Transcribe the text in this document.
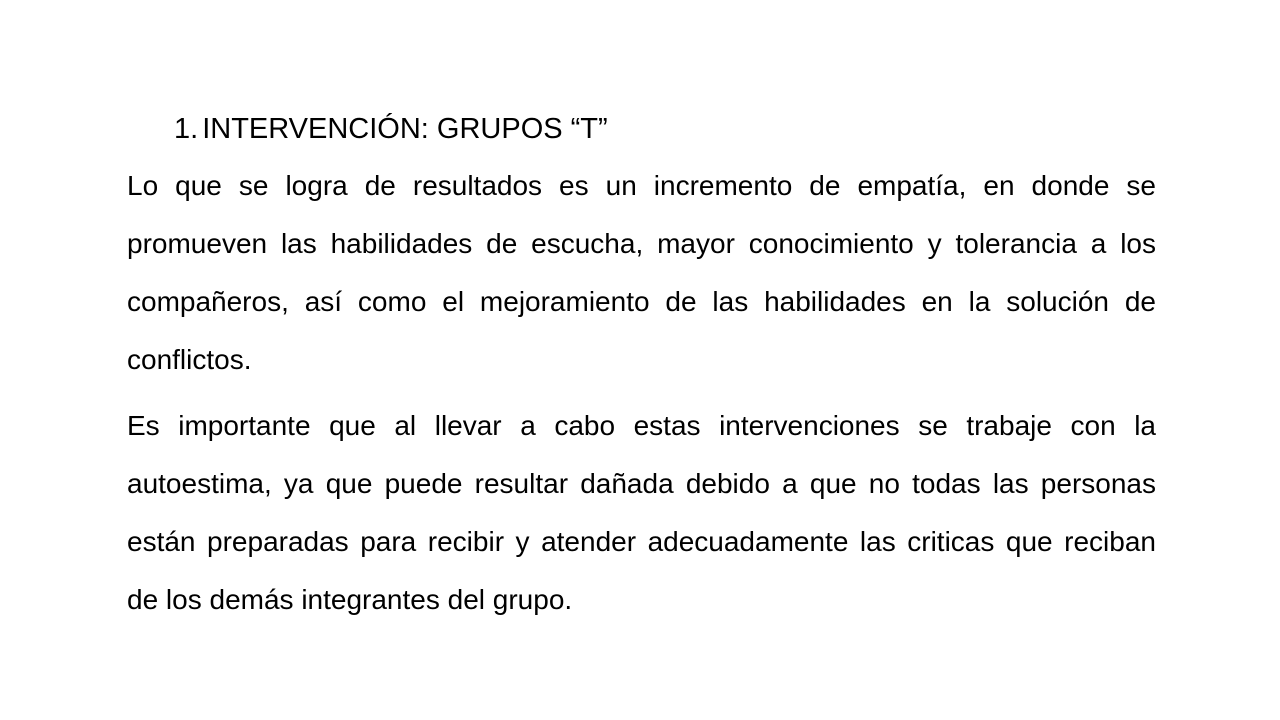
1. INTERVENCIÓN: GRUPOS “T”

Lo que se logra de resultados es un incremento de empatía, en donde se promueven las habilidades de escucha, mayor conocimiento y tolerancia a los compañeros, así como el mejoramiento de las habilidades en la solución de conflictos.

Es importante que al llevar a cabo estas intervenciones se trabaje con la autoestima, ya que puede resultar dañada debido a que no todas las personas están preparadas para recibir y atender adecuadamente las criticas que reciban de los demás integrantes del grupo.
